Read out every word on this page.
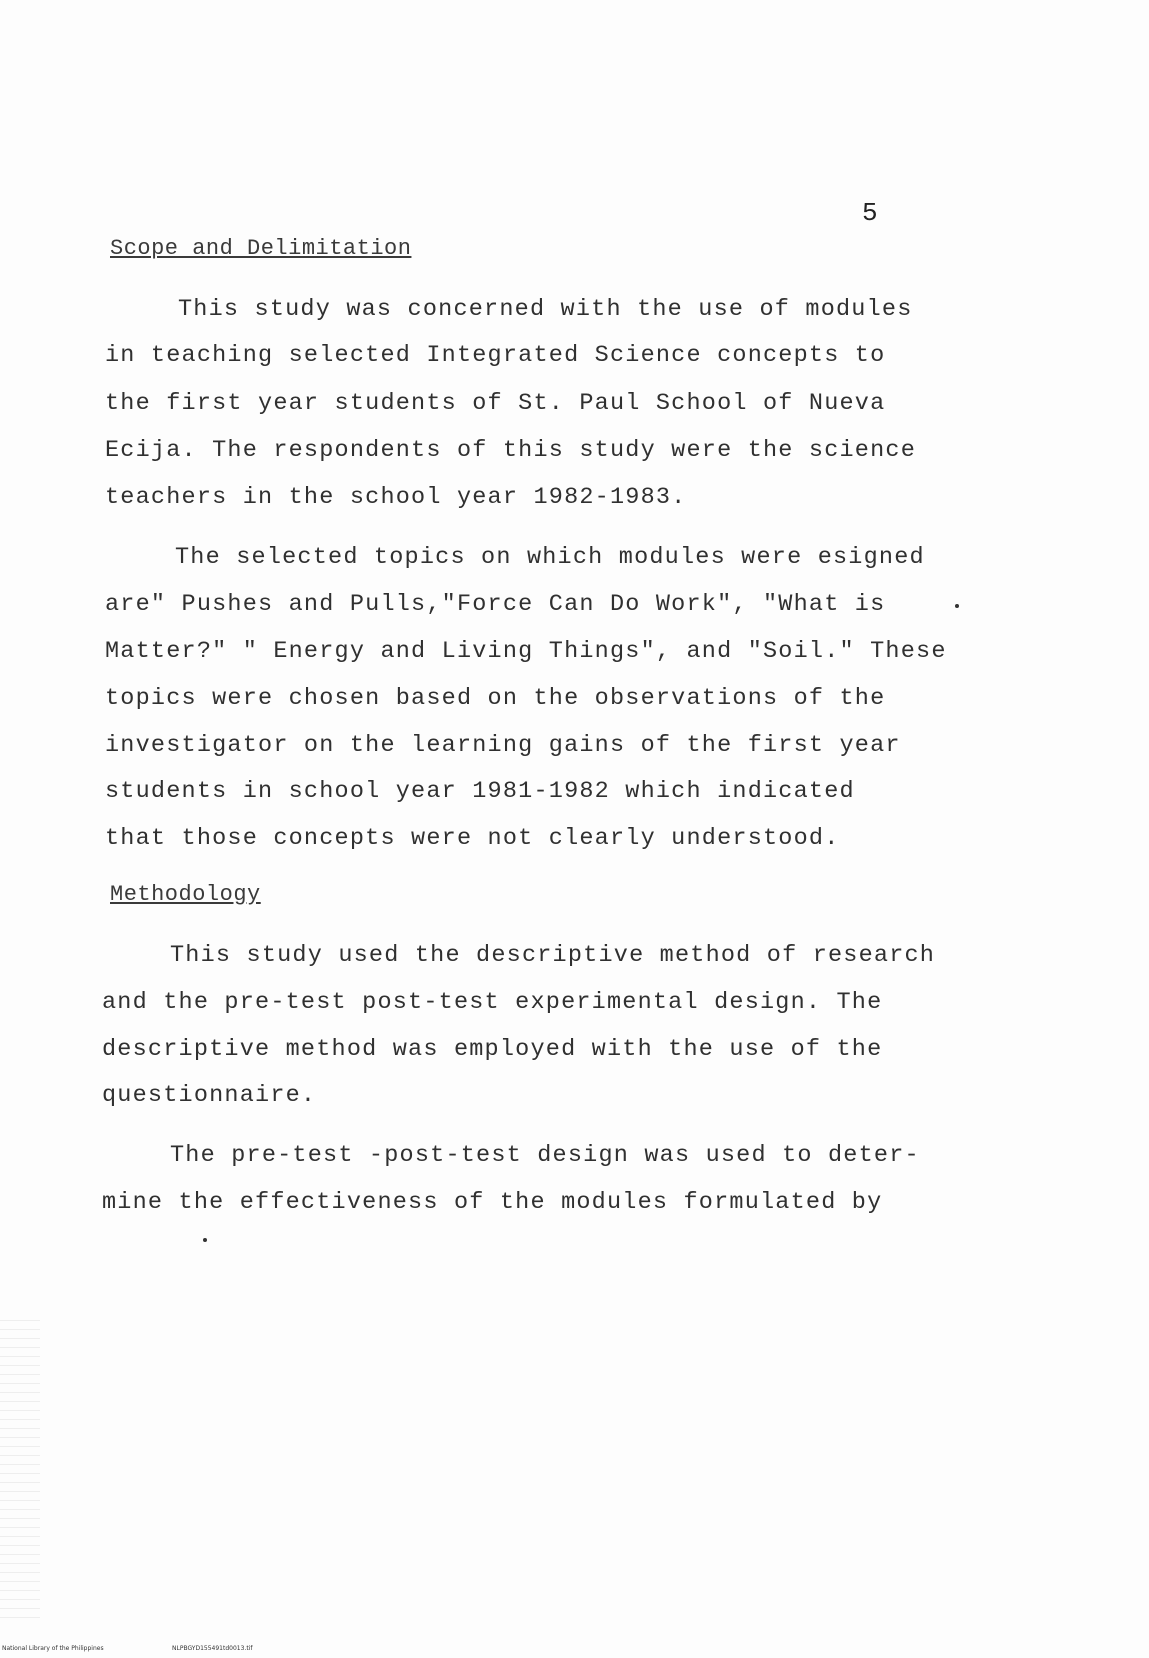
5
Scope and Delimitation
This study was concerned with the use of modules
in teaching selected Integrated Science concepts to
the first year students of St. Paul School of Nueva
Ecija. The respondents of this study were the science
teachers in the school year 1982-1983.
The selected topics on which modules were esigned
are" Pushes and Pulls,"Force Can Do Work", "What is
Matter?" " Energy and Living Things", and "Soil." These
topics were chosen based on the observations of the
investigator on the learning gains of the first year
students in school year 1981-1982 which indicated
that those concepts were not clearly understood.
Methodology
This study used the descriptive method of research
and the pre-test post-test experimental design. The
descriptive method was employed with the use of the
questionnaire.
The pre-test -post-test design was used to deter-
mine the effectiveness of the modules formulated by
National Library of the Philippines	NLPBGYD155491td0013.tif
